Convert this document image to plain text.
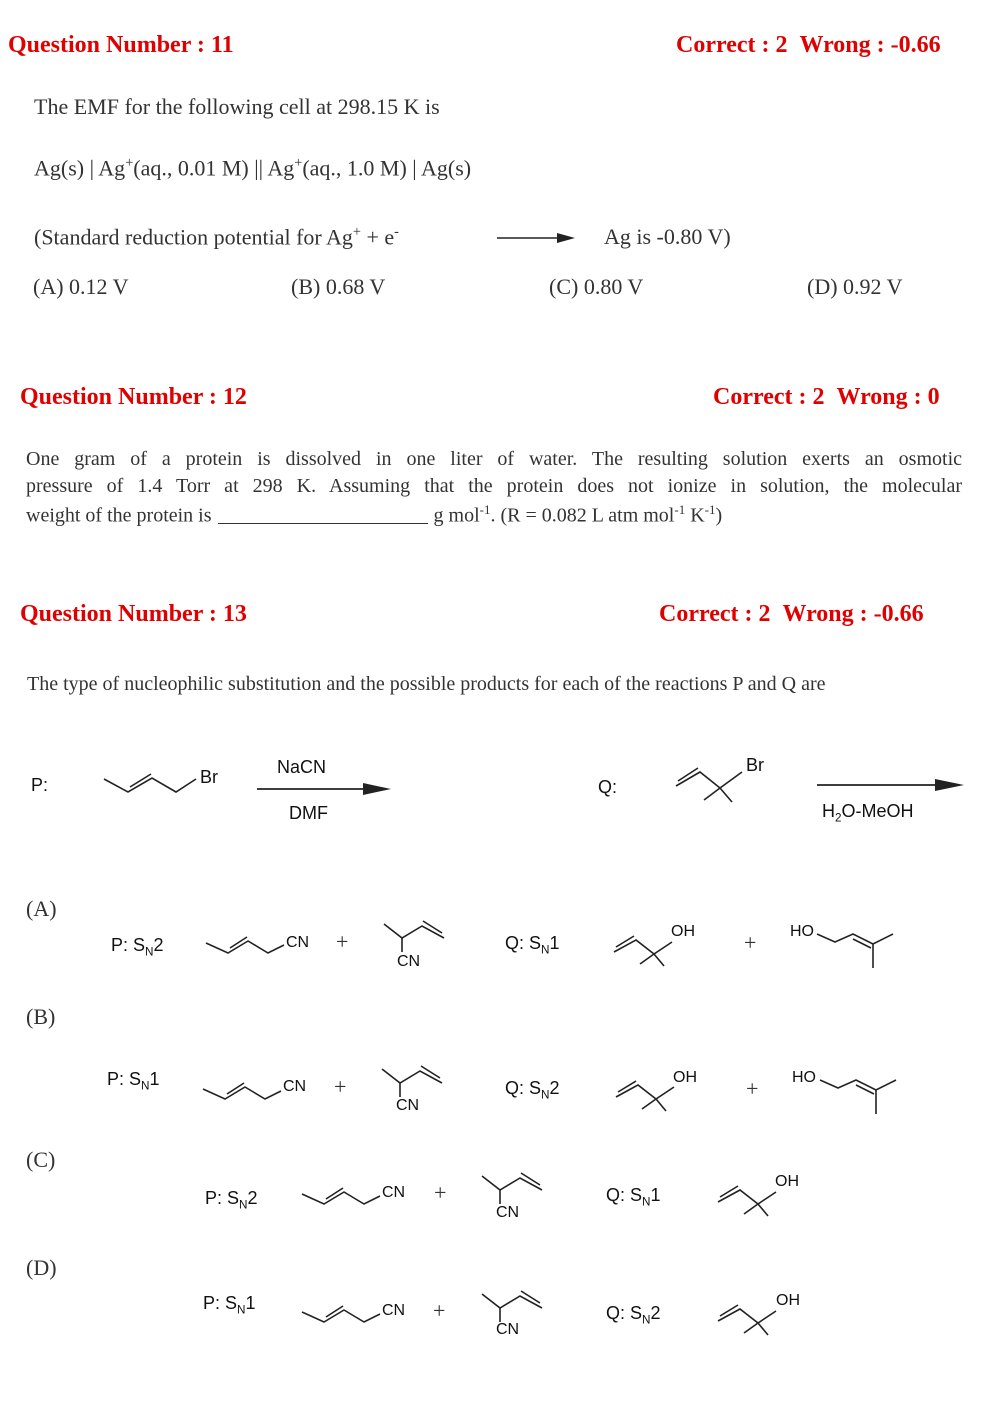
Question Number : 11	Correct : 2 Wrong : -0.66
The EMF for the following cell at 298.15 K is
Ag(s) | Ag+(aq., 0.01 M) || Ag+(aq., 1.0 M) | Ag(s)
(Standard reduction potential for Ag+ + e-	Ag is -0.80 V)
(A) 0.12 V	(B) 0.68 V	(C) 0.80 V	(D) 0.92 V
Question Number : 12	Correct : 2 Wrong : 0
One gram of a protein is dissolved in one liter of water. The resulting solution exerts an osmotic
pressure of 1.4 Torr at 298 K. Assuming that the protein does not ionize in solution, the molecular
weight of the protein is	g mol$^{-1}$. (R = 0.082 L atm mol$^{-1}$ $K^{-1}$)
Question Number : 13	Correct : 2 Wrong : -0.66
The type of nucleophilic substitution and the possible products for each of the reactions P and Q are
P:	Br	NaCN
DMF
Q:
Br
$H_2O$-MeOH
(A)
P: $S_N2$	CN +
CN
Q: $S_N1$
OH + HO
(B)
P: $S_N1$	CN +
CN
Q: $S_N2$
OH + HO
(C)
P: $S_N2$	CN +
CN
Q: $S_N1$
OH
(D)
P: $S_N1$	CN +
CN
Q: $S_N2$
OH
